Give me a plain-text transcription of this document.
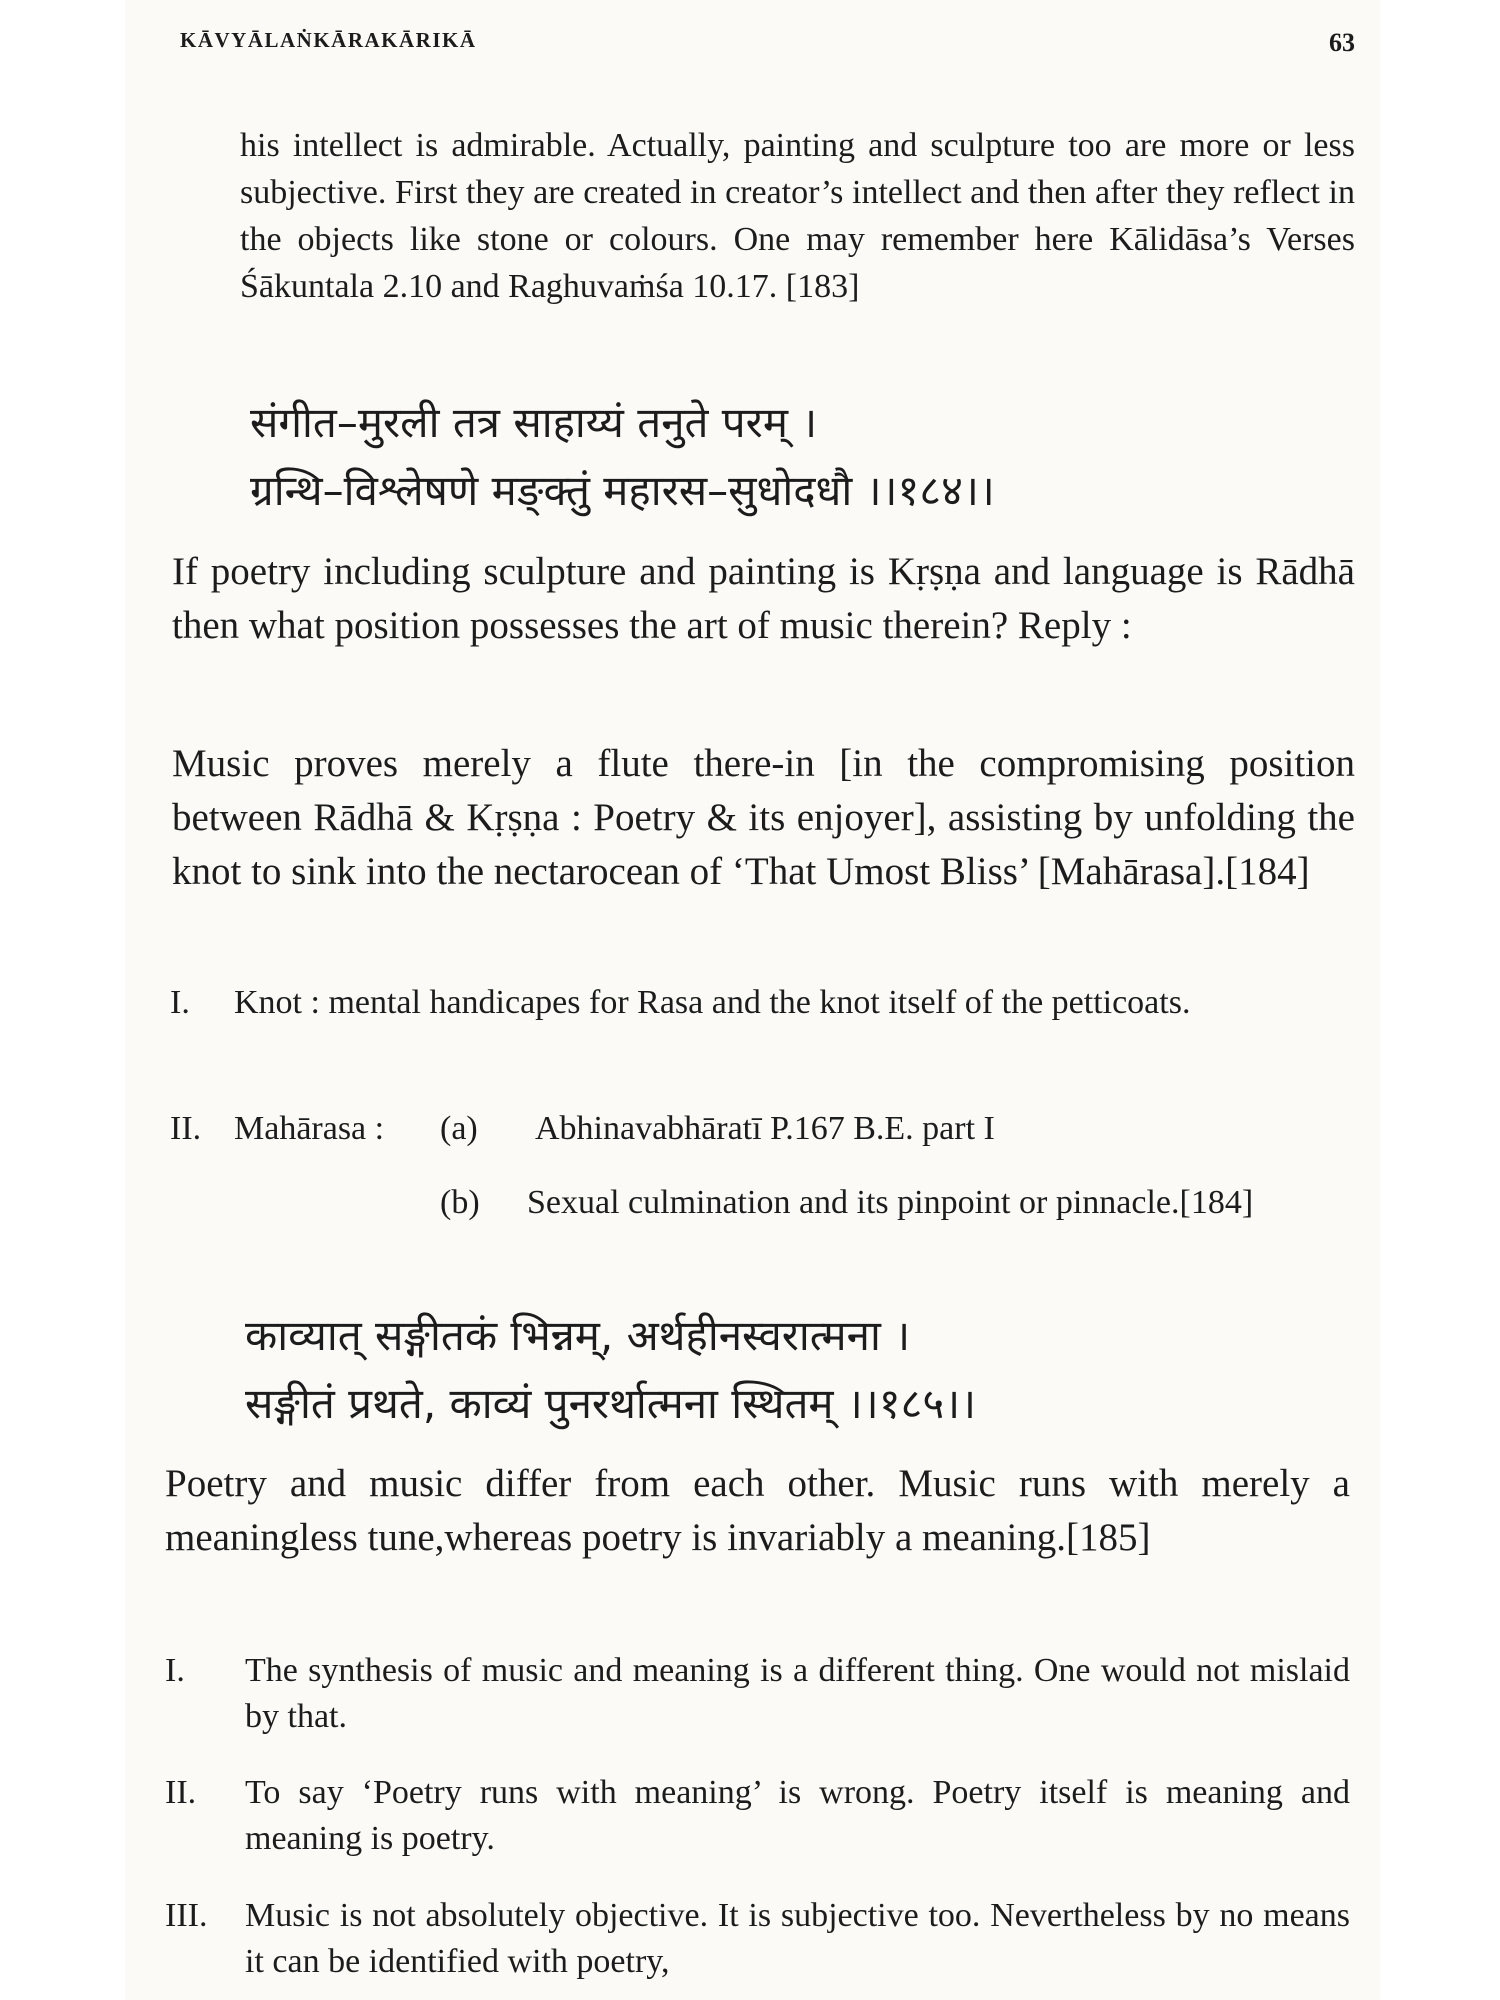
KĀVYĀLAṄKĀRAKĀRIKĀ	63

his intellect is admirable. Actually, painting and sculpture too are more or less subjective. First they are created in creator’s intellect and then after they reflect in the objects like stone or colours. One may remember here Kālidāsa’s Verses Śākuntala 2.10 and Raghuvaṁśa 10.17. [183]

संगीत–मुरली तत्र साहाय्यं तनुते परम् ।
ग्रन्थि–विश्लेषणे मङ्क्तुं महारस–सुधोदधौ ।।१८४।।

If poetry including sculpture and painting is Kṛṣṇa and language is Rādhā then what position possesses the art of music therein? Reply :

Music proves merely a flute there-in [in the compromising position between Rādhā & Kṛṣṇa : Poetry & its enjoyer], assisting by unfolding the knot to sink into the nectarocean of ‘That Umost Bliss’ [Mahārasa].[184]

I. Knot : mental handicapes for Rasa and the knot itself of the petticoats.
II. Mahārasa : (a) Abhinavabhāratī P.167 B.E. part I
(b) Sexual culmination and its pinpoint or pinnacle.[184]
काव्यात् सङ्गीतकं भिन्नम्, अर्थहीनस्वरात्मना ।
सङ्गीतं प्रथते, काव्यं पुनरर्थात्मना स्थितम् ।।१८५।।

Poetry and music differ from each other. Music runs with merely a meaningless tune,whereas poetry is invariably a meaning.[185]

I. The synthesis of music and meaning is a different thing. One would not mislaid by that.
II. To say ‘Poetry runs with meaning’ is wrong. Poetry itself is meaning and meaning is poetry.
III. Music is not absolutely objective. It is subjective too. Nevertheless by no means it can be identified with poetry,
